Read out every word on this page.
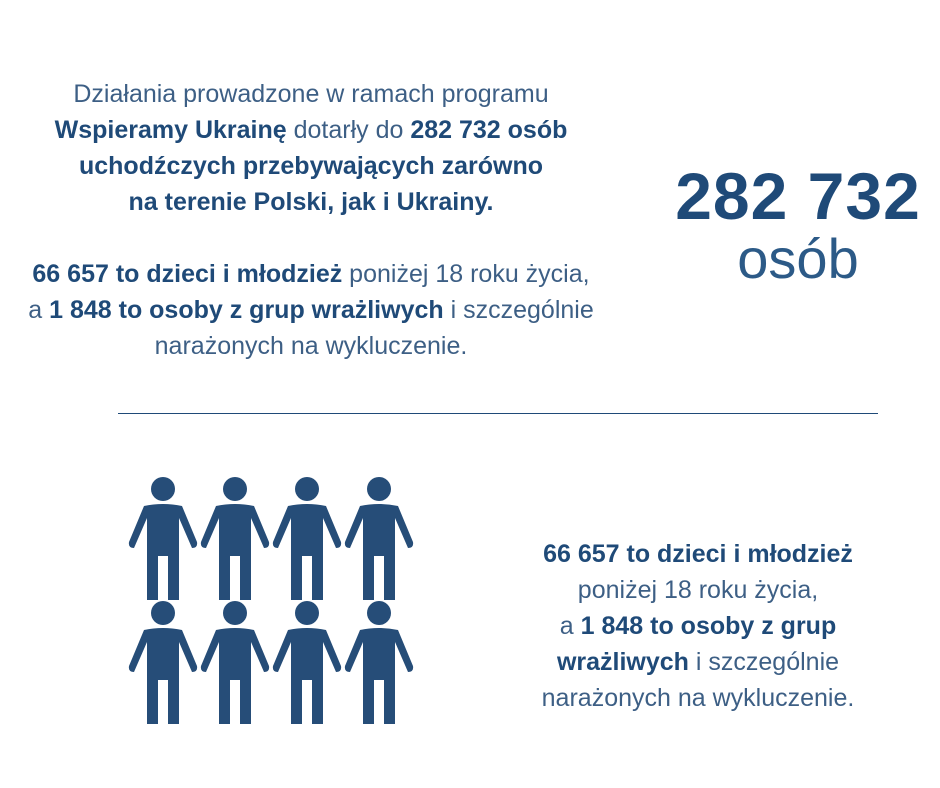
Działania prowadzone w ramach programu
Wspieramy Ukrainę dotarły do 282 732 osób
uchodźczych przebywających zarówno
na terenie Polski, jak i Ukrainy.
66 657 to dzieci i młodzież poniżej 18 roku życia,
a 1 848 to osoby z grup wrażliwych i szczególnie
narażonych na wykluczenie.
282 732
osób
66 657 to dzieci i młodzież
poniżej 18 roku życia,
a 1 848 to osoby z grup
wrażliwych i szczególnie
narażonych na wykluczenie.
